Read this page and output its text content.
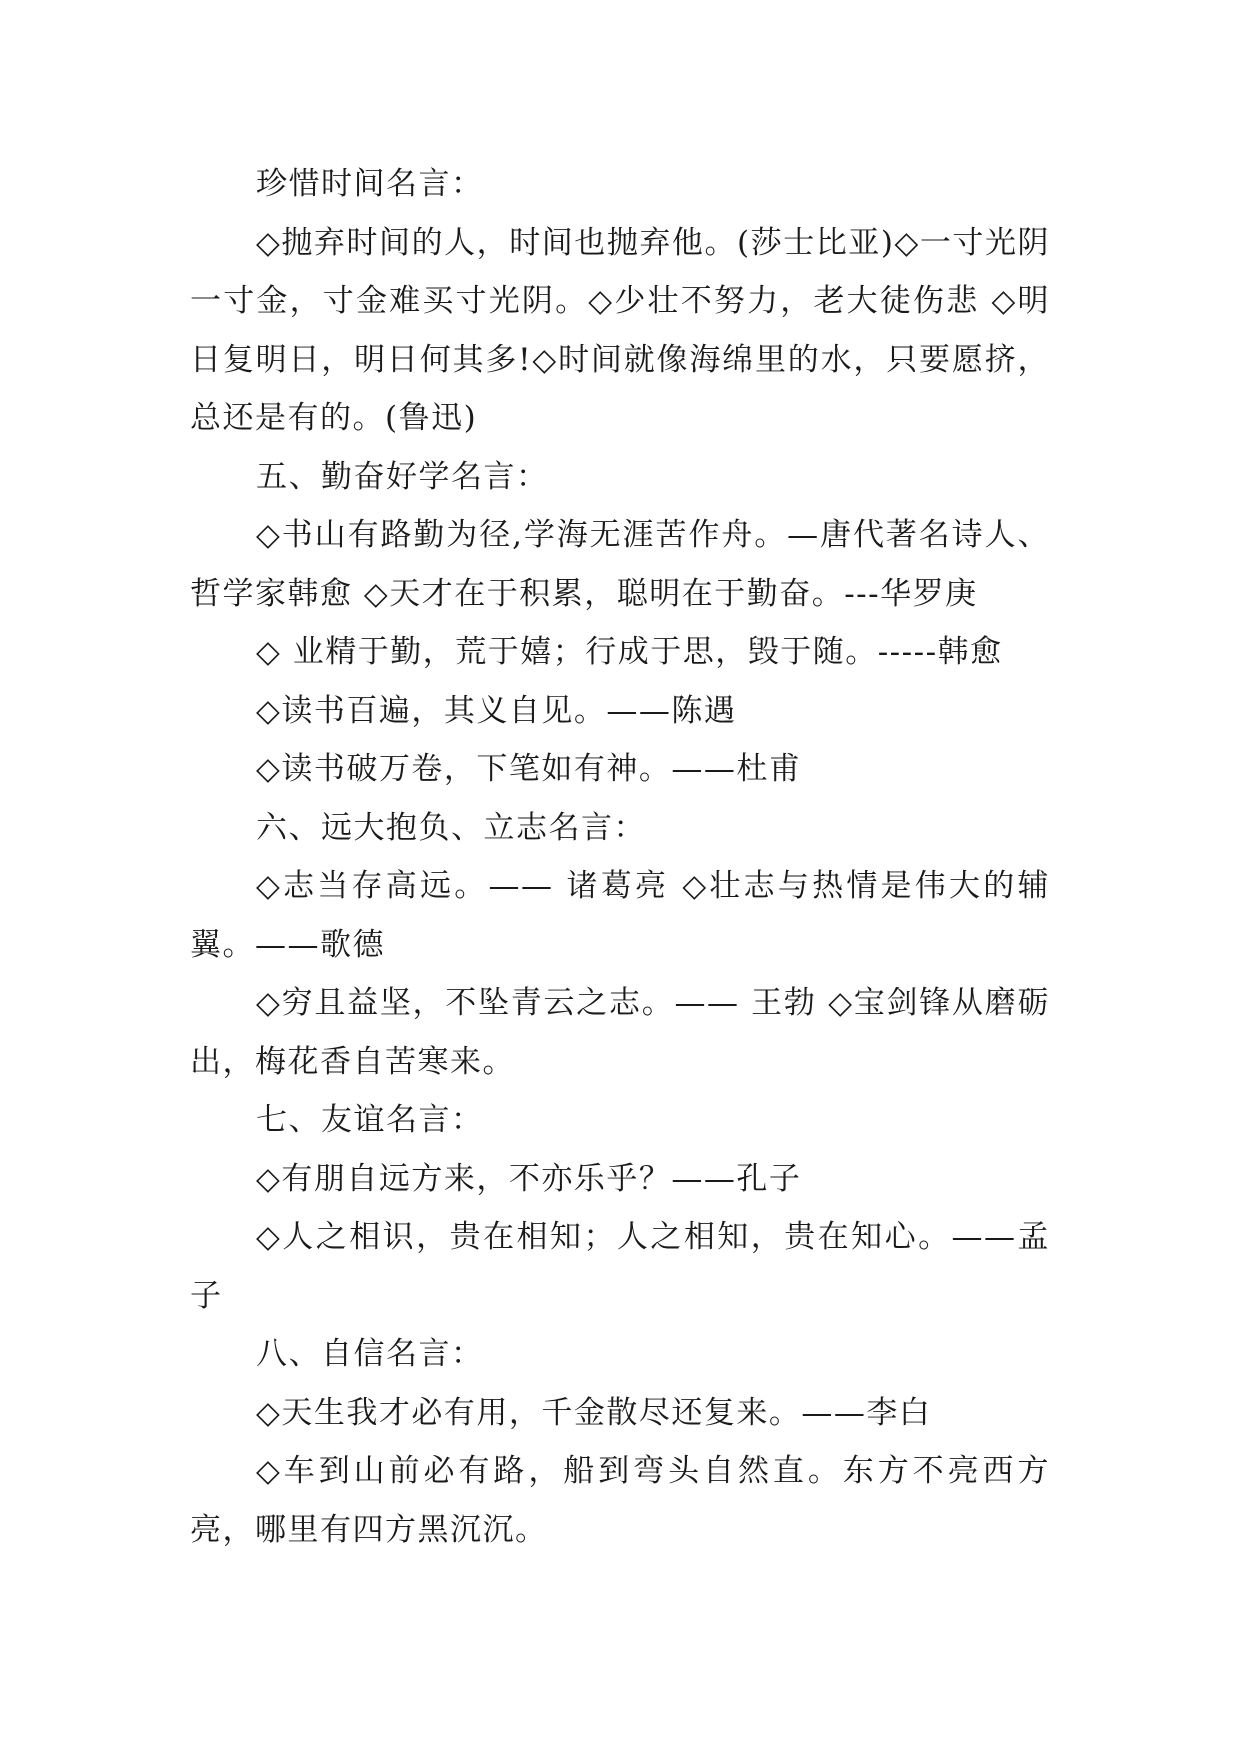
珍惜时间名言：

◇抛弃时间的人，时间也抛弃他。(莎士比亚)◇一寸光阴一寸金，寸金难买寸光阴。◇少壮不努力，老大徒伤悲 ◇明日复明日，明日何其多!◇时间就像海绵里的水，只要愿挤，总还是有的。(鲁迅)

五、勤奋好学名言：

◇书山有路勤为径,学海无涯苦作舟。—唐代著名诗人、哲学家韩愈 ◇天才在于积累，聪明在于勤奋。---华罗庚

◇ 业精于勤，荒于嬉；行成于思，毁于随。-----韩愈

◇读书百遍，其义自见。——陈遇

◇读书破万卷，下笔如有神。——杜甫

六、远大抱负、立志名言：

◇志当存高远。—— 诸葛亮 ◇壮志与热情是伟大的辅翼。——歌德

◇穷且益坚，不坠青云之志。—— 王勃 ◇宝剑锋从磨砺出，梅花香自苦寒来。

七、友谊名言：

◇有朋自远方来，不亦乐乎？——孔子

◇人之相识，贵在相知；人之相知，贵在知心。——孟子

八、自信名言：

◇天生我才必有用，千金散尽还复来。——李白

◇车到山前必有路，船到弯头自然直。东方不亮西方亮，哪里有四方黑沉沉。
